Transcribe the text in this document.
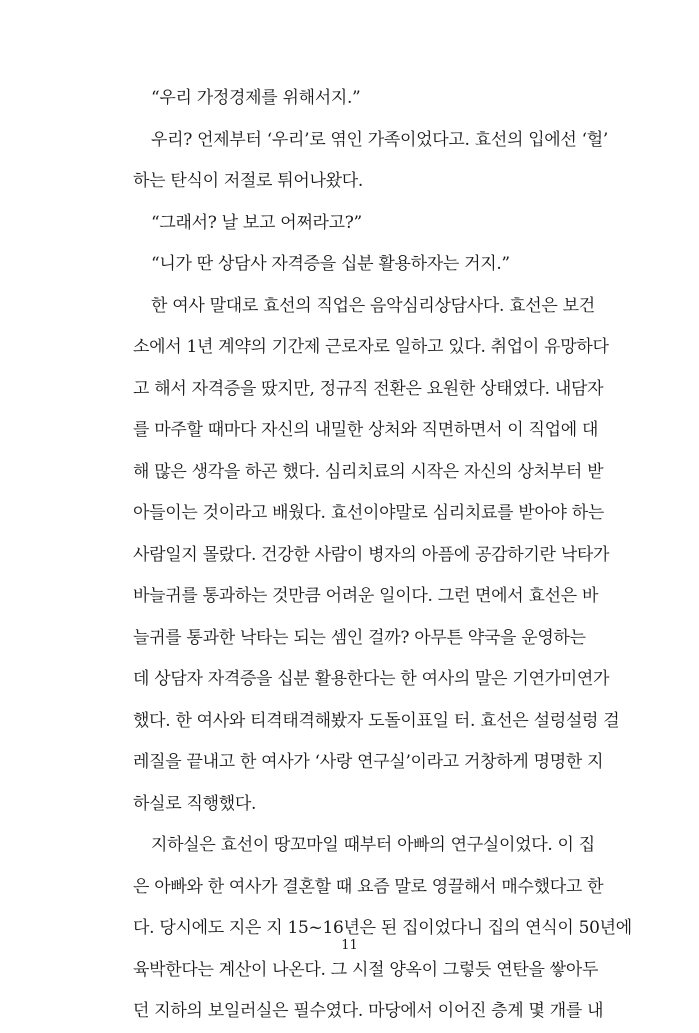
“우리 가정경제를 위해서지.”
우리? 언제부터 ‘우리’로 엮인 가족이었다고. 효선의 입에선 ‘헐’
하는 탄식이 저절로 튀어나왔다.
“그래서? 날 보고 어쩌라고?”
“니가 딴 상담사 자격증을 십분 활용하자는 거지.”
한 여사 말대로 효선의 직업은 음악심리상담사다. 효선은 보건
소에서 1년 계약의 기간제 근로자로 일하고 있다. 취업이 유망하다
고 해서 자격증을 땄지만, 정규직 전환은 요원한 상태였다. 내담자
를 마주할 때마다 자신의 내밀한 상처와 직면하면서 이 직업에 대
해 많은 생각을 하곤 했다. 심리치료의 시작은 자신의 상처부터 받
아들이는 것이라고 배웠다. 효선이야말로 심리치료를 받아야 하는
사람일지 몰랐다. 건강한 사람이 병자의 아픔에 공감하기란 낙타가
바늘귀를 통과하는 것만큼 어려운 일이다. 그런 면에서 효선은 바
늘귀를 통과한 낙타는 되는 셈인 걸까? 아무튼 약국을 운영하는
데 상담자 자격증을 십분 활용한다는 한 여사의 말은 기연가미연가
했다. 한 여사와 티격태격해봤자 도돌이표일 터. 효선은 설렁설렁 걸
레질을 끝내고 한 여사가 ‘사랑 연구실’이라고 거창하게 명명한 지
하실로 직행했다.
지하실은 효선이 땅꼬마일 때부터 아빠의 연구실이었다. 이 집
은 아빠와 한 여사가 결혼할 때 요즘 말로 영끌해서 매수했다고 한
다. 당시에도 지은 지 15~16년은 된 집이었다니 집의 연식이 50년에
육박한다는 계산이 나온다. 그 시절 양옥이 그렇듯 연탄을 쌓아두
던 지하의 보일러실은 필수였다. 마당에서 이어진 층계 몇 개를 내
11
